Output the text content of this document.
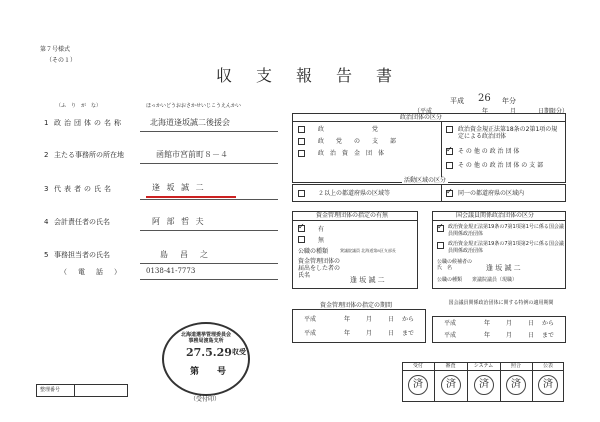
第７号様式
（その１）
収　支　報　告　書
平成 26 年分
（平成	年	月	日期限分）
（ふ　り　が　な）	ほっかいどうおおさかせいじこうえんかい
1 政治団体の名称	北海道逢坂誠二後援会
2 主たる事務所の所在地	函館市宮前町８－４
3 代表者の氏名	逢 坂 誠 二
4 会計責任者の氏名	阿 部 哲 夫
5 事務担当者の氏名	島　昌　之
（　電　話　）	0138-41-7773
政治団体の区分
政　　　　　　　　党
政　　党　　の　　支　　部
政　治　資　金　団　体
政治資金規正法第18条の2第1項の規定による政治団体
✓ そ の 他 の 政 治 団 体
そ の 他 の 政 治 団 体 の 支 部
活動区域の区分
２以上の都道府県の区域等	✓ 同一の都道府県の区域内
資金管理団体の指定の有無
✓ 有
無
公職の種類	衆議院議員 北海道第8区支部長
資金管理団体の届出をした者の氏名
逢 坂 誠 二
国会議員関係政治団体の区分
✓ 政治資金規正法第19条の7第1項第1号に係る国会議員関係政治団体
政治資金規正法第19条の7第1項第2号に係る国会議員関係政治団体
公職の候補者の　氏　名	逢 坂 誠 二
公職の種類 衆議院議員（現職）
資金管理団体の指定の期間
平成	年	月	日 から
平成	年	月	日 まで
国会議員関係政治団体に関する特例の適用期間
平成	年	月	日 から
平成	年	月	日 まで
北海道選挙管理委員会
事務局渡島支所
27.5.29 収受
第　　号
（受付印）
受付	審査	システム	照合	公表
済	済	済	済	済
整理番号
